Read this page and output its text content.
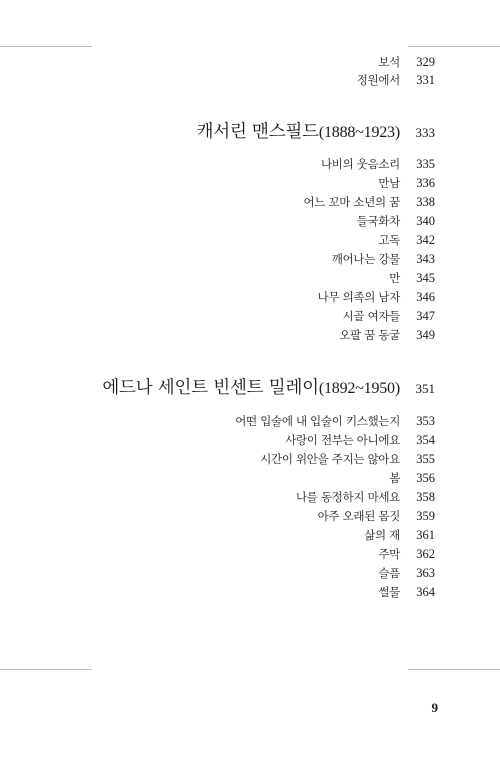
보석	329
정원에서	331
캐서린 맨스필드(1888~1923)	333
나비의 웃음소리	335
만남	336
어느 꼬마 소년의 꿈	338
들국화차	340
고독	342
깨어나는 강물	343
만	345
나무 의족의 남자	346
시골 여자들	347
오팔 꿈 동굴	349
에드나 세인트 빈센트 밀레이(1892~1950)	351
어떤 입술에 내 입술이 키스했는지	353
사랑이 전부는 아니에요	354
시간이 위안을 주지는 않아요	355
봄	356
나를 동정하지 마세요	358
아주 오래된 몸짓	359
삶의 재	361
주막	362
슬픔	363
썰물	364
9
